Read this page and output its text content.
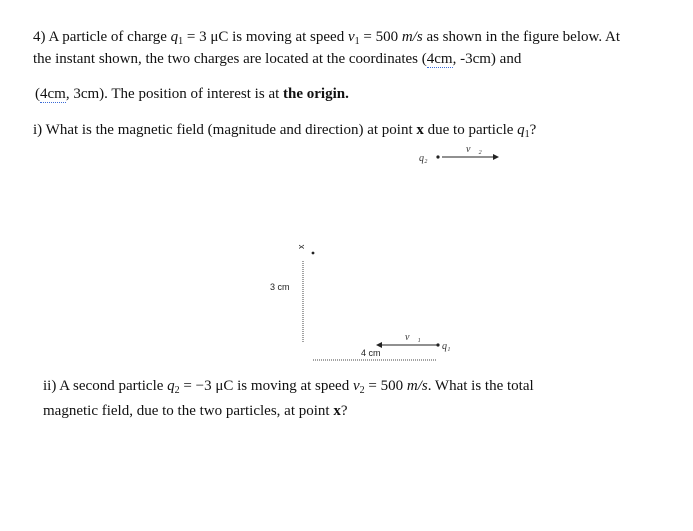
4) A particle of charge $q_1 = 3$ μC is moving at speed $v_1 = 500$ m/s as shown in the figure below. At
the instant shown, the two charges are located at the coordinates (4cm, -3cm) and
(4cm, 3cm). The position of interest is at the origin.
i) What is the magnetic field (magnitude and direction) at point x due to particle $q_1$?
q₂
v⃗₂
x
3 cm
4 cm
v⃗₁
q₁
ii) A second particle $q_2 = -3$ μC is moving at speed $v_2 = 500$ m/s. What is the total
magnetic field, due to the two particles, at point x?
